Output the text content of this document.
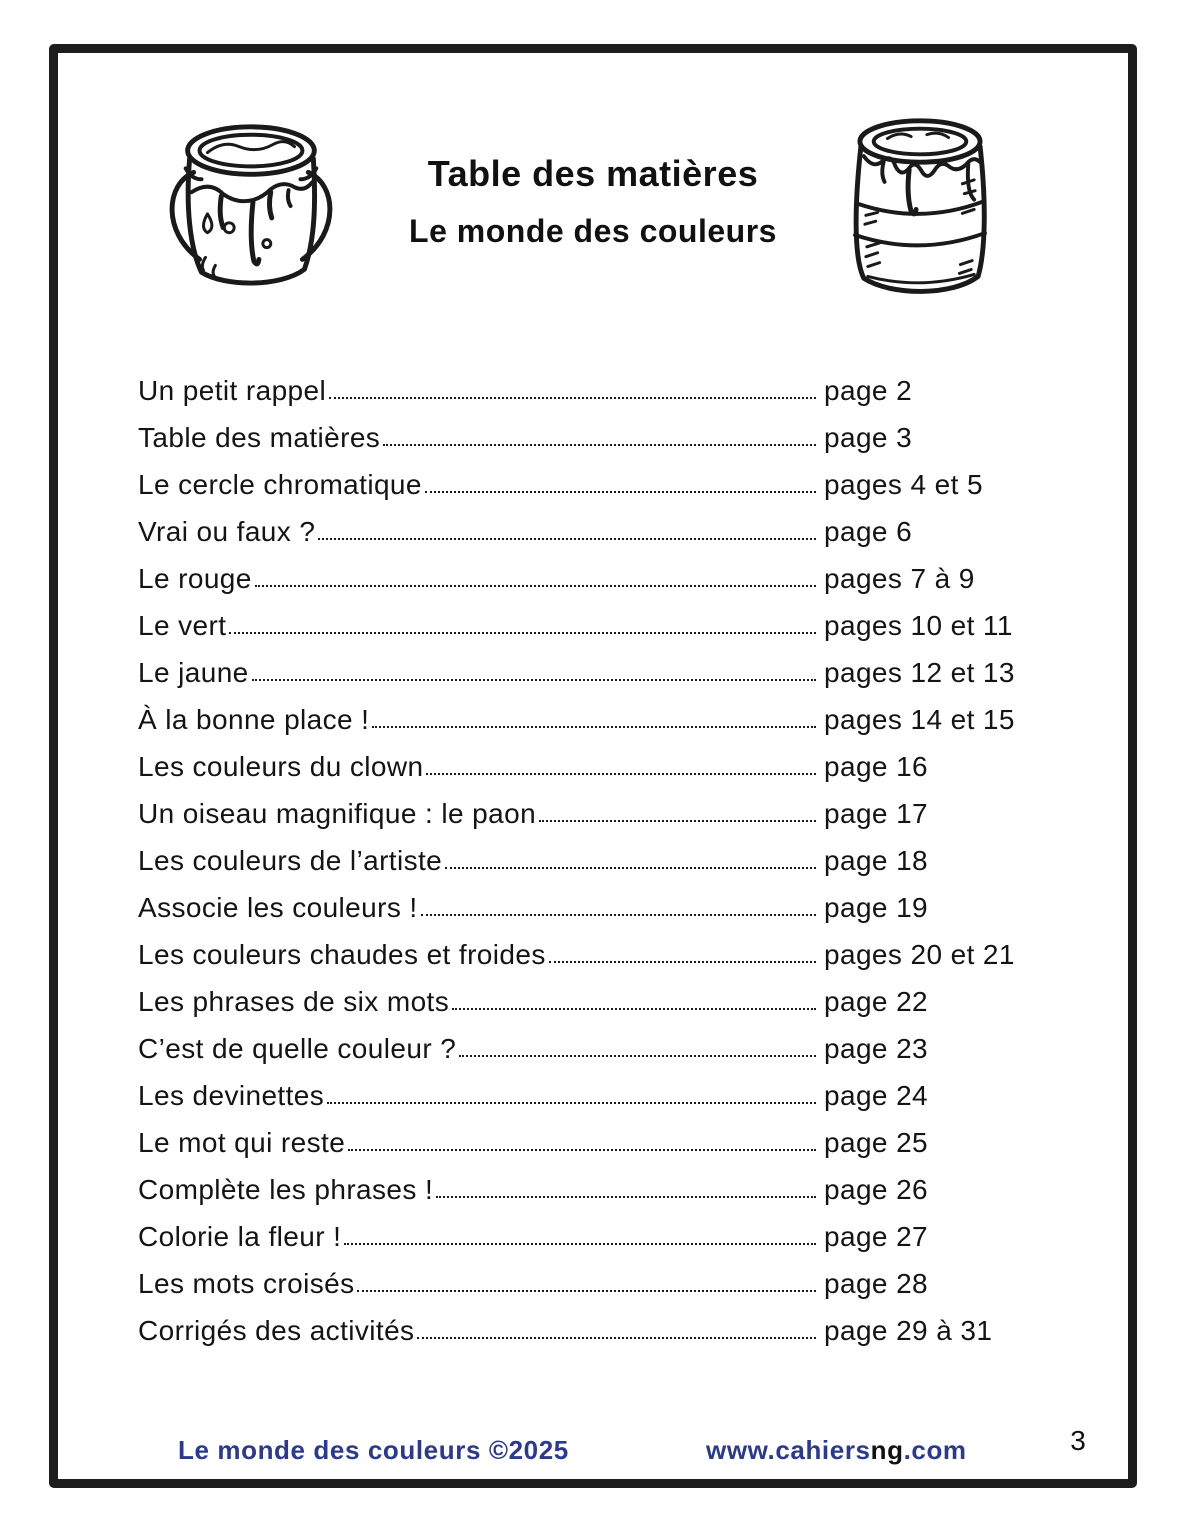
Table des matières
Le monde des couleurs
Un petit rappel	page 2
Table des matières	page 3
Le cercle chromatique	pages 4 et 5
Vrai ou faux ?	page 6
Le rouge	pages 7 à 9
Le vert	pages 10 et 11
Le jaune	pages 12 et 13
À la bonne place !	pages 14 et 15
Les couleurs du clown	page 16
Un oiseau magnifique : le paon	page 17
Les couleurs de l’artiste	page 18
Associe les couleurs !	page 19
Les couleurs chaudes et froides	pages 20 et 21
Les phrases de six mots	page 22
C’est de quelle couleur ?	page 23
Les devinettes	page 24
Le mot qui reste	page 25
Complète les phrases !	page 26
Colorie la fleur !	page 27
Les mots croisés	page 28
Corrigés des activités	page 29 à 31
Le monde des couleurs ©2025	www.cahiersng.com	3
